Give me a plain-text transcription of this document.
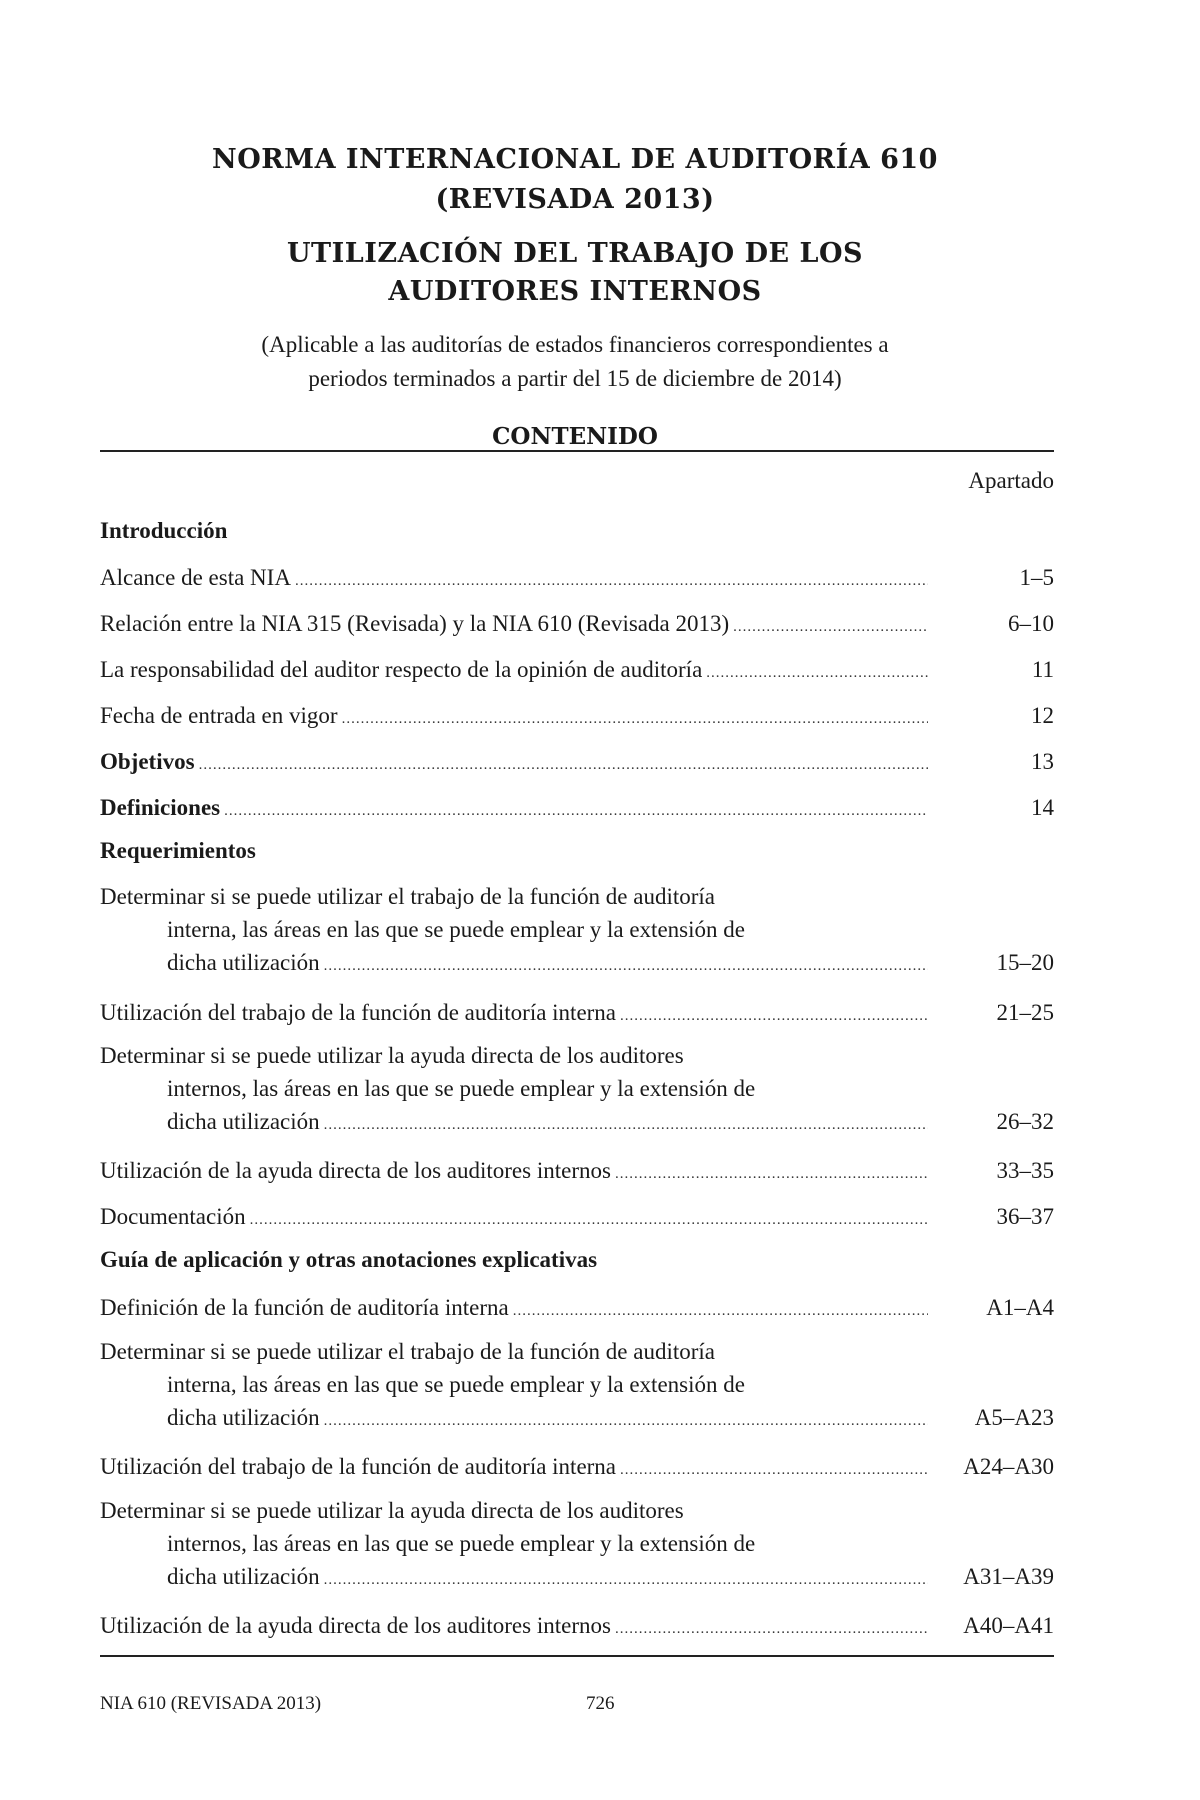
NORMA INTERNACIONAL DE AUDITORÍA 610
(REVISADA 2013)
UTILIZACIÓN DEL TRABAJO DE LOS
AUDITORES INTERNOS
(Aplicable a las auditorías de estados financieros correspondientes a
periodos terminados a partir del 15 de diciembre de 2014)
CONTENIDO
Apartado
Introducción
Alcance de esta NIA .....	1–5
Relación entre la NIA 315 (Revisada) y la NIA 610 (Revisada 2013) .....	6–10
La responsabilidad del auditor respecto de la opinión de auditoría .....	11
Fecha de entrada en vigor .....	12
Objetivos .....	13
Definiciones .....	14
Requerimientos
Determinar si se puede utilizar el trabajo de la función de auditoría
interna, las áreas en las que se puede emplear y la extensión de
dicha utilización .....	15–20
Utilización del trabajo de la función de auditoría interna .....	21–25
Determinar si se puede utilizar la ayuda directa de los auditores
internos, las áreas en las que se puede emplear y la extensión de
dicha utilización .....	26–32
Utilización de la ayuda directa de los auditores internos .....	33–35
Documentación .....	36–37
Guía de aplicación y otras anotaciones explicativas
Definición de la función de auditoría interna .....	A1–A4
Determinar si se puede utilizar el trabajo de la función de auditoría
interna, las áreas en las que se puede emplear y la extensión de
dicha utilización .....	A5–A23
Utilización del trabajo de la función de auditoría interna .....	A24–A30
Determinar si se puede utilizar la ayuda directa de los auditores
internos, las áreas en las que se puede emplear y la extensión de
dicha utilización .....	A31–A39
Utilización de la ayuda directa de los auditores internos .....	A40–A41
NIA 610 (REVISADA 2013)	726
